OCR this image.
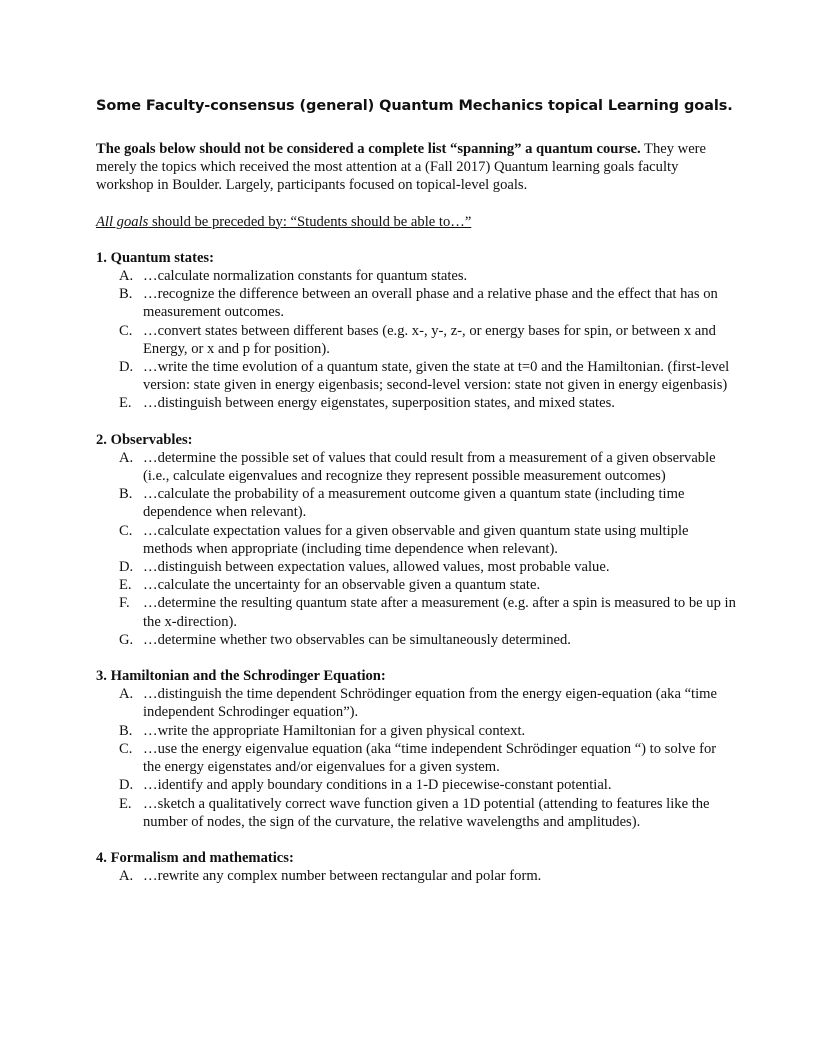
Some Faculty-consensus (general) Quantum Mechanics topical Learning goals.

The goals below should not be considered a complete list “spanning” a quantum course. They were merely the topics which received the most attention at a (Fall 2017) Quantum learning goals faculty workshop in Boulder. Largely, participants focused on topical-level goals.

All goals should be preceded by: “Students should be able to…”

1. Quantum states:

A. …calculate normalization constants for quantum states.
B. …recognize the difference between an overall phase and a relative phase and the effect that has on measurement outcomes.
C. …convert states between different bases (e.g. x-, y-, z-, or energy bases for spin, or between x and Energy, or x and p for position).
D. …write the time evolution of a quantum state, given the state at t=0 and the Hamiltonian. (first-level version: state given in energy eigenbasis; second-level version: state not given in energy eigenbasis)
E. …distinguish between energy eigenstates, superposition states, and mixed states.

2. Observables:

A. …determine the possible set of values that could result from a measurement of a given observable (i.e., calculate eigenvalues and recognize they represent possible measurement outcomes)
B. …calculate the probability of a measurement outcome given a quantum state (including time dependence when relevant).
C. …calculate expectation values for a given observable and given quantum state using multiple methods when appropriate (including time dependence when relevant).
D. …distinguish between expectation values, allowed values, most probable value.
E. …calculate the uncertainty for an observable given a quantum state.
F. …determine the resulting quantum state after a measurement (e.g. after a spin is measured to be up in the x-direction).
G. …determine whether two observables can be simultaneously determined.

3. Hamiltonian and the Schrodinger Equation:

A. …distinguish the time dependent Schrödinger equation from the energy eigen-equation (aka “time independent Schrodinger equation”).
B. …write the appropriate Hamiltonian for a given physical context.
C. …use the energy eigenvalue equation (aka “time independent Schrödinger equation “) to solve for the energy eigenstates and/or eigenvalues for a given system.
D. …identify and apply boundary conditions in a 1-D piecewise-constant potential.
E. …sketch a qualitatively correct wave function given a 1D potential (attending to features like the number of nodes, the sign of the curvature, the relative wavelengths and amplitudes).

4. Formalism and mathematics:

A. …rewrite any complex number between rectangular and polar form.
